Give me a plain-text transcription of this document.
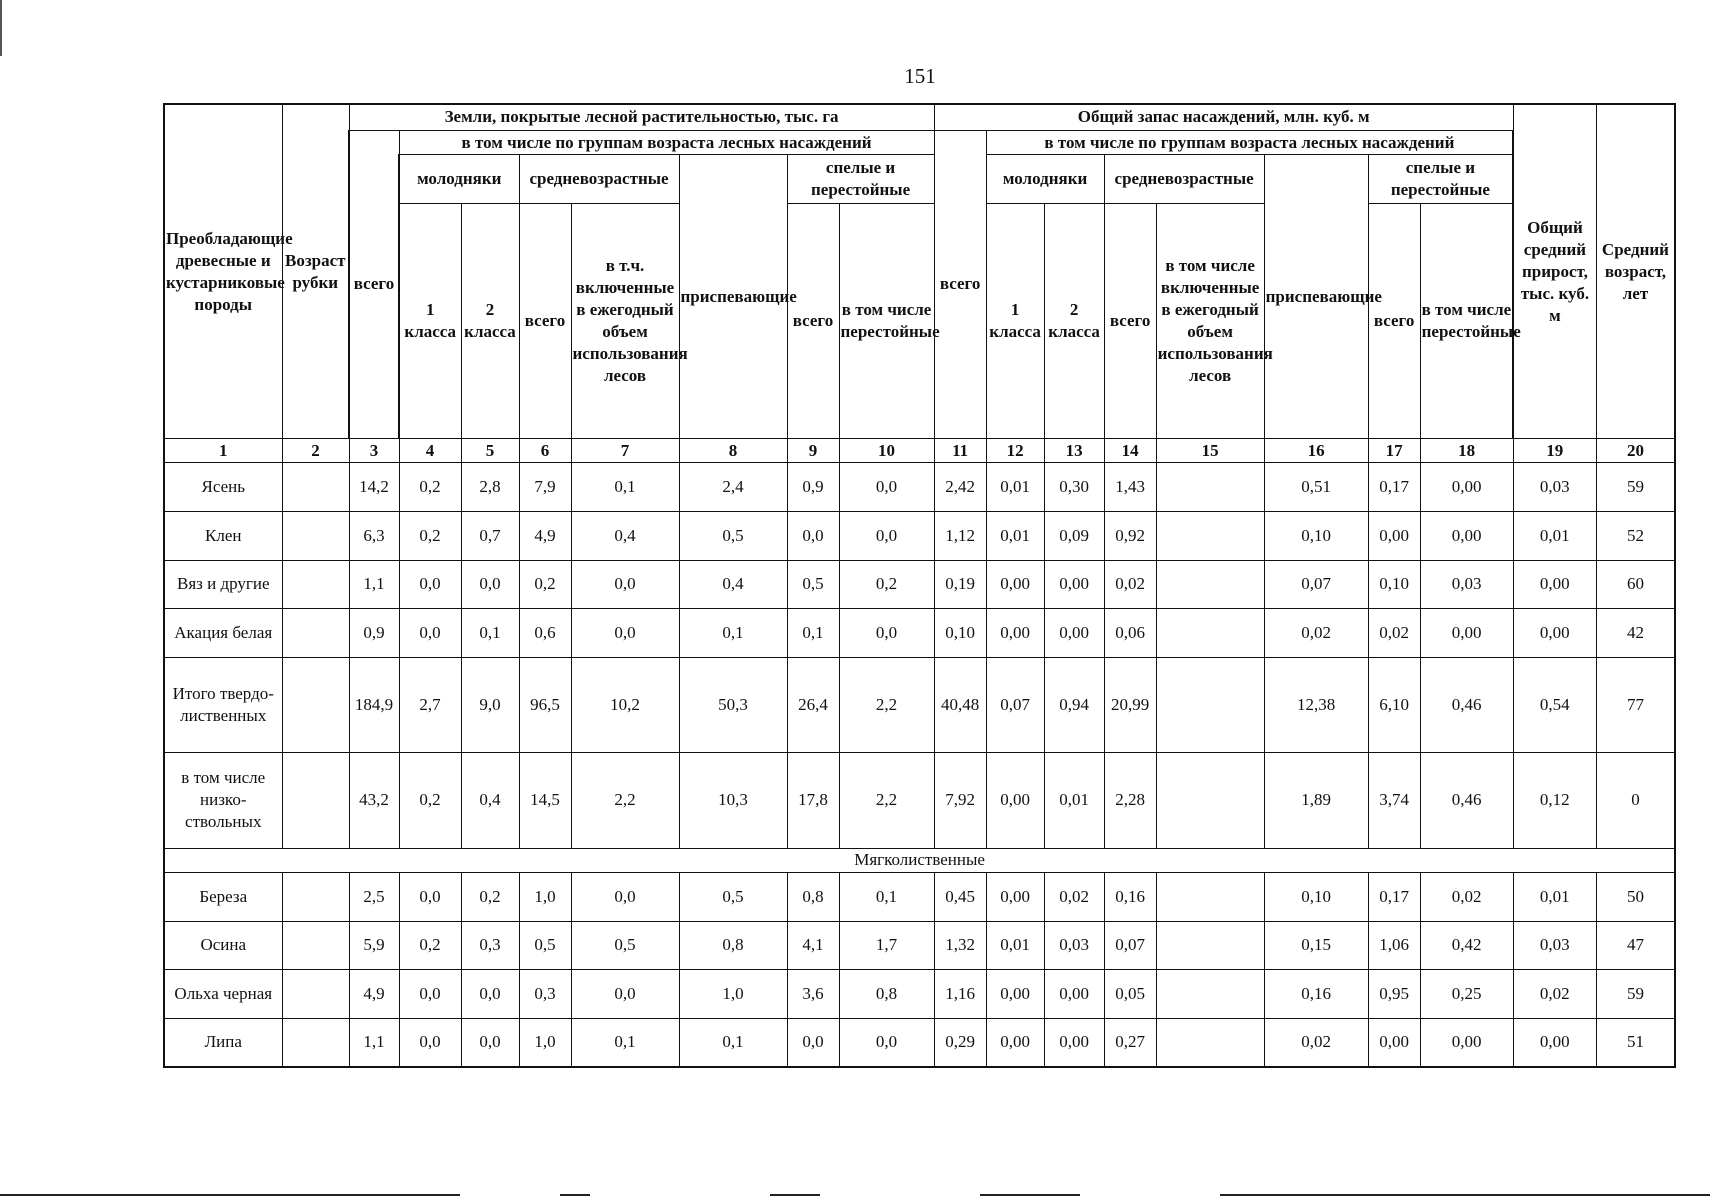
151
Преобладающие древесные и кустарниковые породы	Возраст рубки	Земли, покрытые лесной растительностью, тыс. га								Общий запас насаждений, млн. куб. м								Общий средний прирост, тыс. куб. м	Средний возраст, лет
		всего	в том числе по группам возраста лесных насаждений							всего	в том числе по группам возраста лесных насаждений								
			молодняки		средневозрастные		приспевающие	спелые и перестойные			молодняки		средневозрастные		приспевающие	спелые и перестойные			
			1 класса	2 класса	всего	в т.ч. включенные в ежегодный объем использования лесов		всего	в том числе перестойные		1 класса	2 класса	всего	в том числе включенные в ежегодный объем использования лесов		всего	в том числе перестойные		
1	2	3	4	5	6	7	8	9	10	11	12	13	14	15	16	17	18	19	20
Ясень		14,2	0,2	2,8	7,9	0,1	2,4	0,9	0,0	2,42	0,01	0,30	1,43		0,51	0,17	0,00	0,03	59
Клен		6,3	0,2	0,7	4,9	0,4	0,5	0,0	0,0	1,12	0,01	0,09	0,92		0,10	0,00	0,00	0,01	52
Вяз и другие		1,1	0,0	0,0	0,2	0,0	0,4	0,5	0,2	0,19	0,00	0,00	0,02		0,07	0,10	0,03	0,00	60
Акация белая		0,9	0,0	0,1	0,6	0,0	0,1	0,1	0,0	0,10	0,00	0,00	0,06		0,02	0,02	0,00	0,00	42
Итого твердо-лиственных		184,9	2,7	9,0	96,5	10,2	50,3	26,4	2,2	40,48	0,07	0,94	20,99		12,38	6,10	0,46	0,54	77
в том числе низко-ствольных		43,2	0,2	0,4	14,5	2,2	10,3	17,8	2,2	7,92	0,00	0,01	2,28		1,89	3,74	0,46	0,12	0
Мягколиственные																			
Береза		2,5	0,0	0,2	1,0	0,0	0,5	0,8	0,1	0,45	0,00	0,02	0,16		0,10	0,17	0,02	0,01	50
Осина		5,9	0,2	0,3	0,5	0,5	0,8	4,1	1,7	1,32	0,01	0,03	0,07		0,15	1,06	0,42	0,03	47
Ольха черная		4,9	0,0	0,0	0,3	0,0	1,0	3,6	0,8	1,16	0,00	0,00	0,05		0,16	0,95	0,25	0,02	59
Липа		1,1	0,0	0,0	1,0	0,1	0,1	0,0	0,0	0,29	0,00	0,00	0,27		0,02	0,00	0,00	0,00	51
